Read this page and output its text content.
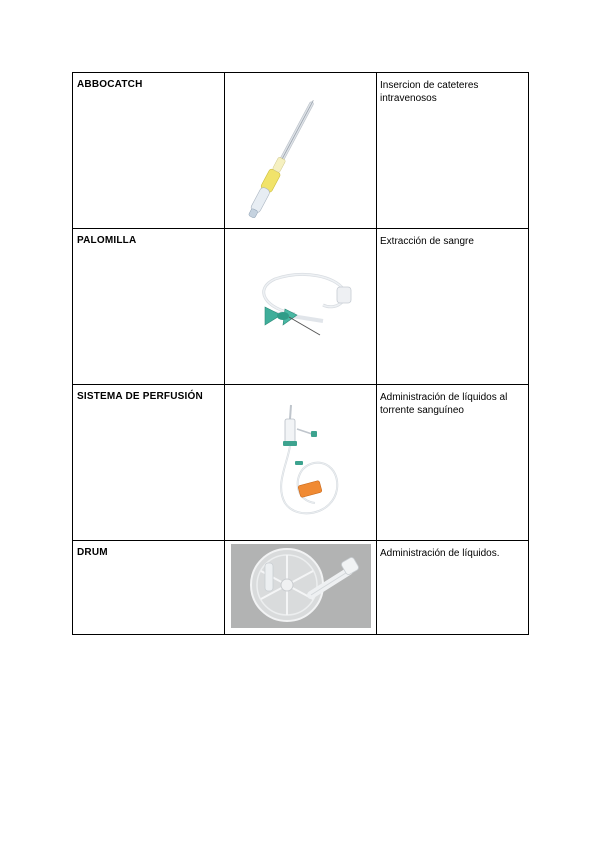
ABBOCATCH		Insercion de cateteres intravenosos

PALOMILLA		Extracción de sangre

SISTEMA DE PERFUSIÓN		Administración de líquidos al torrente sanguíneo

DRUM		Administración de líquidos.
